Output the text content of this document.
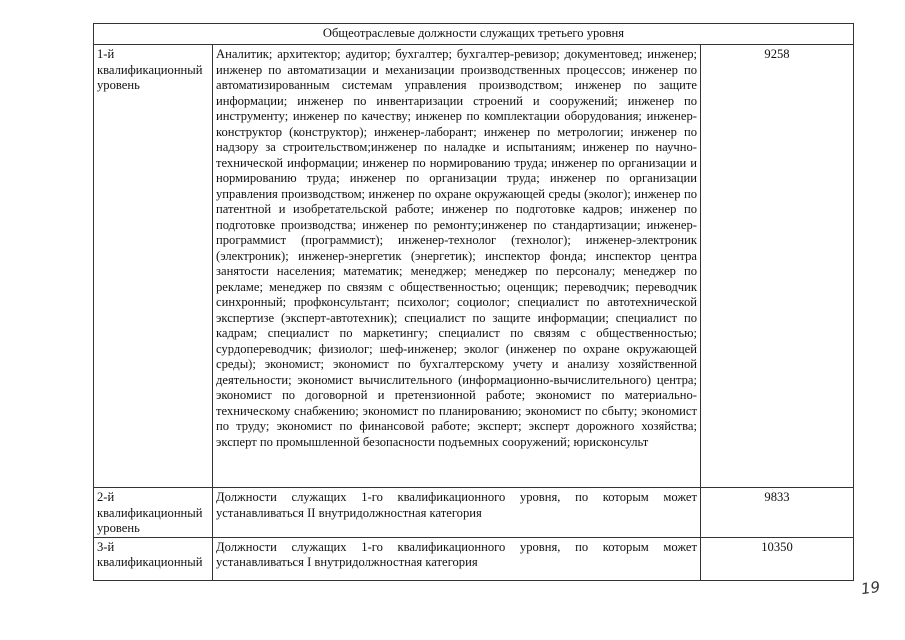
Общеотраслевые должности служащих третьего уровня		
1-й квалификационный уровень	Аналитик; архитектор; аудитор; бухгалтер; бухгалтер-ревизор; документовед; инженер; инженер по автоматизации и механизации производственных процессов; инженер по автоматизированным системам управления производством; инженер по защите информации; инженер по инвентаризации строений и сооружений; инженер по инструменту; инженер по качеству; инженер по комплектации оборудования; инженер-конструктор (конструктор); инженер-лаборант; инженер по метрологии; инженер по надзору за строительством;инженер по наладке и испытаниям; инженер по научно-технической информации; инженер по нормированию труда; инженер по организации и нормированию труда; инженер по организации труда; инженер по организации управления производством; инженер по охране окружающей среды (эколог); инженер по патентной и изобретательской работе; инженер по подготовке кадров; инженер по подготовке производства; инженер по ремонту;инженер по стандартизации; инженер-программист (программист); инженер-технолог (технолог); инженер-электроник (электроник); инженер-энергетик (энергетик); инспектор фонда; инспектор центра занятости населения; математик; менеджер; менеджер по персоналу; менеджер по рекламе; менеджер по связям с общественностью; оценщик; переводчик; переводчик синхронный; профконсультант; психолог; социолог; специалист по автотехнической экспертизе (эксперт-автотехник); специалист по защите информации; специалист по кадрам; специалист по маркетингу; специалист по связям с общественностью; сурдопереводчик; физиолог; шеф-инженер; эколог (инженер по охране окружающей среды); экономист; экономист по бухгалтерскому учету и анализу хозяйственной деятельности; экономист вычислительного (информационно-вычислительного) центра; экономист по договорной и претензионной работе; экономист по материально-техническому снабжению; экономист по планированию; экономист по сбыту; экономист по труду; экономист по финансовой работе; эксперт; эксперт дорожного хозяйства; эксперт по промышленной безопасности подъемных сооружений; юрисконсульт	9258
2-й квалификационный уровень	Должности служащих 1-го квалификационного уровня, по которым может устанавливаться II внутридолжностная категория	9833
3-й квалификационный	Должности служащих 1-го квалификационного уровня, по которым может устанавливаться I внутридолжностная категория	10350
19
